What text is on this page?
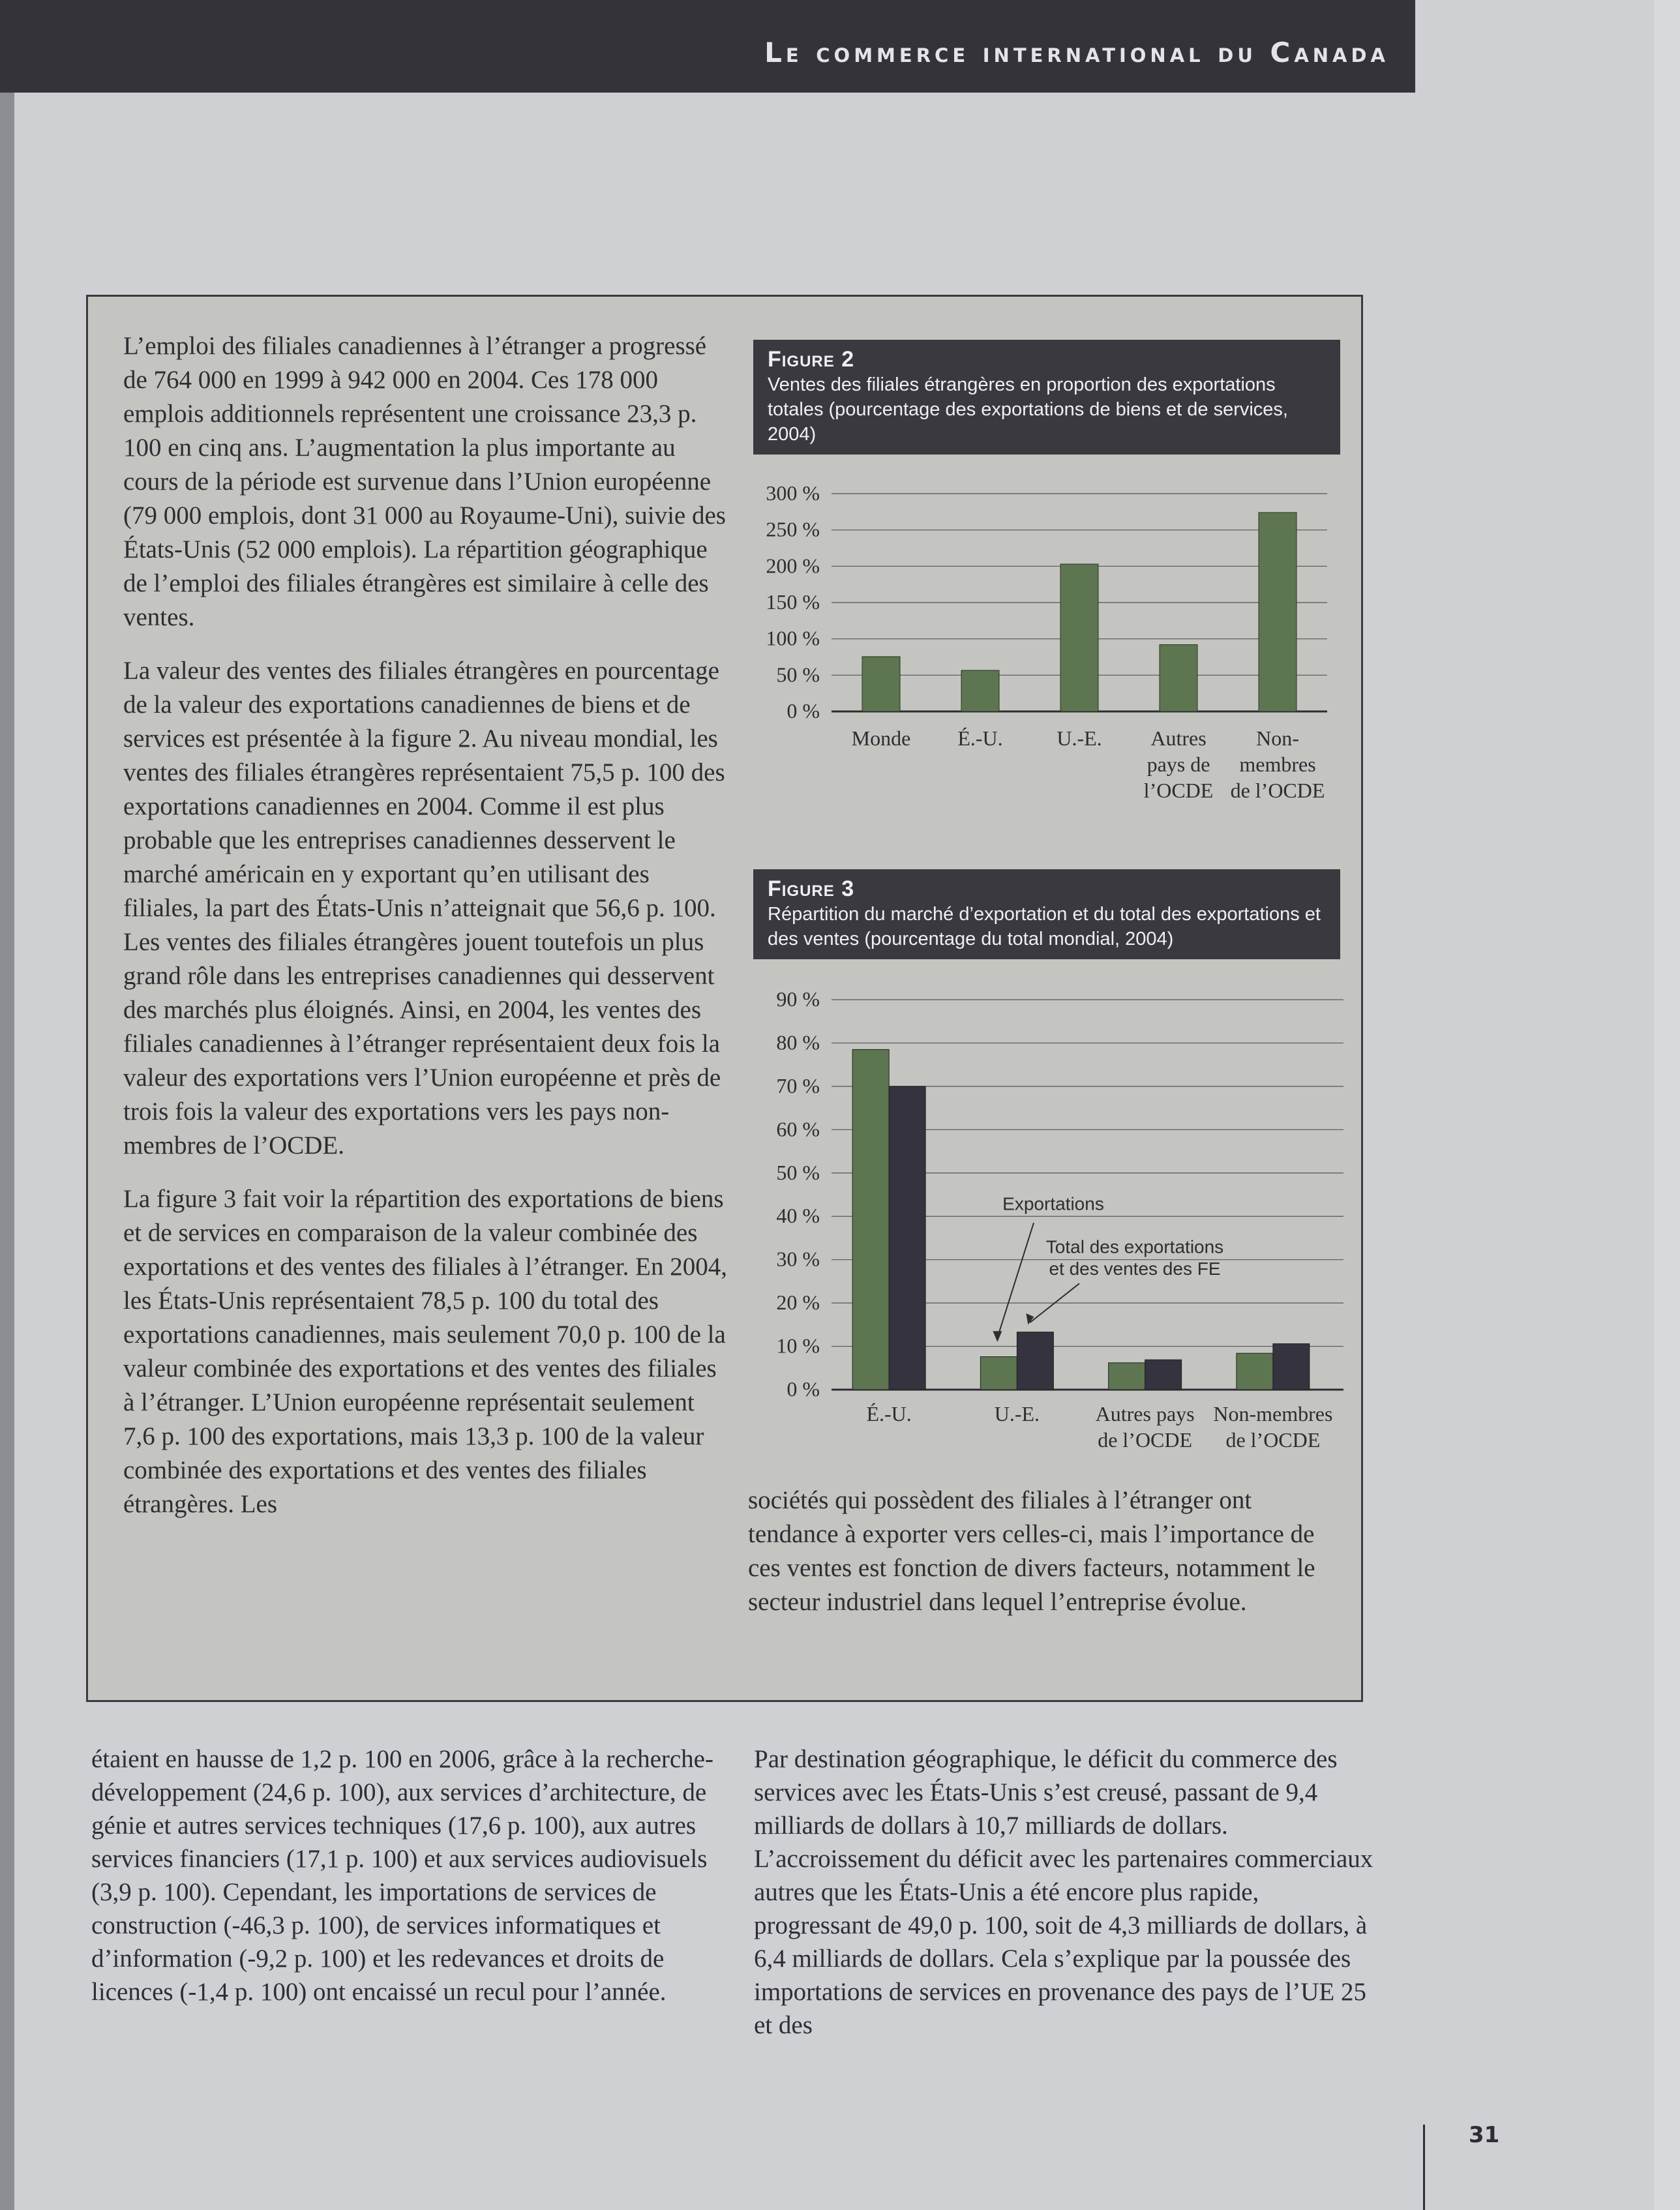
Le commerce international du Canada

L’emploi des filiales canadiennes à l’étranger a progressé de 764 000 en 1999 à 942 000 en 2004. Ces 178 000 emplois additionnels représentent une croissance 23,3 p. 100 en cinq ans. L’augmentation la plus importante au cours de la période est survenue dans l’Union européenne (79 000 emplois, dont 31 000 au Royaume-Uni), suivie des États-Unis (52 000 emplois). La répartition géographique de l’emploi des filiales étrangères est similaire à celle des ventes.

La valeur des ventes des filiales étrangères en pourcentage de la valeur des exportations canadiennes de biens et de services est présentée à la figure 2. Au niveau mondial, les ventes des filiales étrangères représentaient 75,5 p. 100 des exportations canadiennes en 2004. Comme il est plus probable que les entreprises canadiennes desservent le marché américain en y exportant qu’en utilisant des filiales, la part des États-Unis n’atteignait que 56,6 p. 100. Les ventes des filiales étrangères jouent toutefois un plus grand rôle dans les entreprises canadiennes qui desservent des marchés plus éloignés. Ainsi, en 2004, les ventes des filiales canadiennes à l’étranger représentaient deux fois la valeur des exportations vers l’Union européenne et près de trois fois la valeur des exportations vers les pays non-membres de l’OCDE.

La figure 3 fait voir la répartition des exportations de biens et de services en comparaison de la valeur combinée des exportations et des ventes des filiales à l’étranger. En 2004, les États-Unis représentaient 78,5 p. 100 du total des exportations canadiennes, mais seulement 70,0 p. 100 de la valeur combinée des exportations et des ventes des filiales à l’étranger. L’Union européenne représentait seulement 7,6 p. 100 des exportations, mais 13,3 p. 100 de la valeur combinée des exportations et des ventes des filiales étrangères. Les

Figure 2
Ventes des filiales étrangères en proportion des exportations totales (pourcentage des exportations de biens et de services, 2004)
0 %
50 %
100 %
150 %
200 %
250 %
300 %
Monde É.-U.	U.-E. Autres
pays de
l’OCDE
Non-
membres
de l’OCDE
Figure 3
Répartition du marché d’exportation et du total des exportations et des ventes (pourcentage du total mondial, 2004)
0 %
10 %
20 %
30 %
40 %
50 %
60 %
70 %
80 %
90 %
É.-U.	U.-E.	Autres pays
de l’OCDE
Non-membres
de l’OCDE
Exportations
Total des exportations
et des ventes des FE

sociétés qui possèdent des filiales à l’étranger ont tendance à exporter vers celles-ci, mais l’importance de ces ventes est fonction de divers facteurs, notamment le secteur industriel dans lequel l’entreprise évolue.

étaient en hausse de 1,2 p. 100 en 2006, grâce à la recherche-développement (24,6 p. 100), aux services d’architecture, de génie et autres services techniques (17,6 p. 100), aux autres services financiers (17,1 p. 100) et aux services audiovisuels (3,9 p. 100). Cependant, les importations de services de construction (-46,3 p. 100), de services informatiques et d’information (-9,2 p. 100) et les redevances et droits de licences (-1,4 p. 100) ont encaissé un recul pour l’année.

Par destination géographique, le déficit du commerce des services avec les États-Unis s’est creusé, passant de 9,4 milliards de dollars à 10,7 milliards de dollars. L’accroissement du déficit avec les partenaires commerciaux autres que les États-Unis a été encore plus rapide, progressant de 49,0 p. 100, soit de 4,3 milliards de dollars, à 6,4 milliards de dollars. Cela s’explique par la poussée des importations de services en provenance des pays de l’UE 25 et des

31
